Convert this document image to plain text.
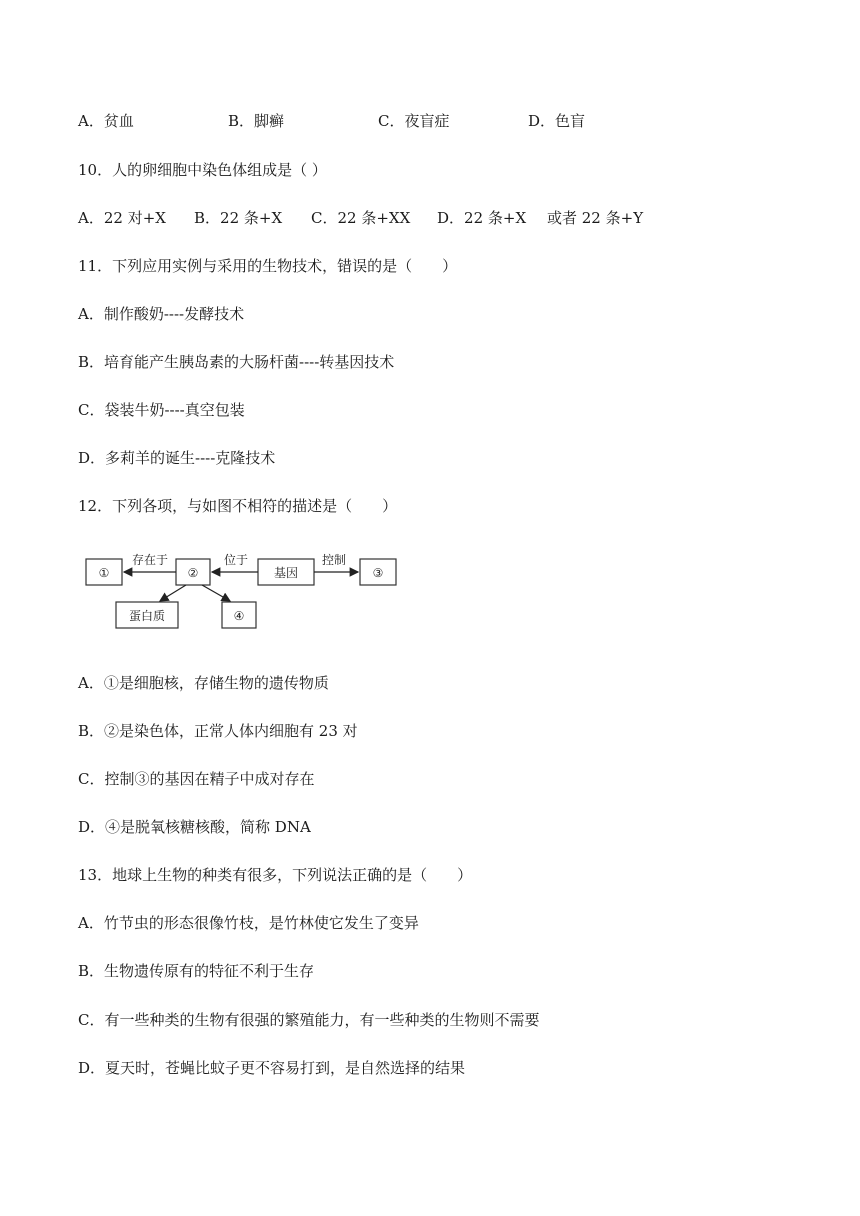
A．贫血	B．脚癣	C．夜盲症	D．色盲
10．人的卵细胞中染色体组成是（ ）
A．22 对+X B．22 条+X C．22 条+XX D．22 条+X 或者 22 条+Y
11．下列应用实例与采用的生物技术，错误的是（　　）
A．制作酸奶----发酵技术
B．培育能产生胰岛素的大肠杆菌----转基因技术
C．袋装牛奶----真空包装
D．多莉羊的诞生----克隆技术
12．下列各项，与如图不相符的描述是（　　）
①	②	基因	③
蛋白质	④
存在于	位于	控制
A．①是细胞核，存储生物的遗传物质
B．②是染色体，正常人体内细胞有 23 对
C．控制③的基因在精子中成对存在
D．④是脱氧核糖核酸，简称 DNA
13．地球上生物的种类有很多，下列说法正确的是（　　）
A．竹节虫的形态很像竹枝，是竹林使它发生了变异
B．生物遗传原有的特征不利于生存
C．有一些种类的生物有很强的繁殖能力，有一些种类的生物则不需要
D．夏天时，苍蝇比蚊子更不容易打到，是自然选择的结果
